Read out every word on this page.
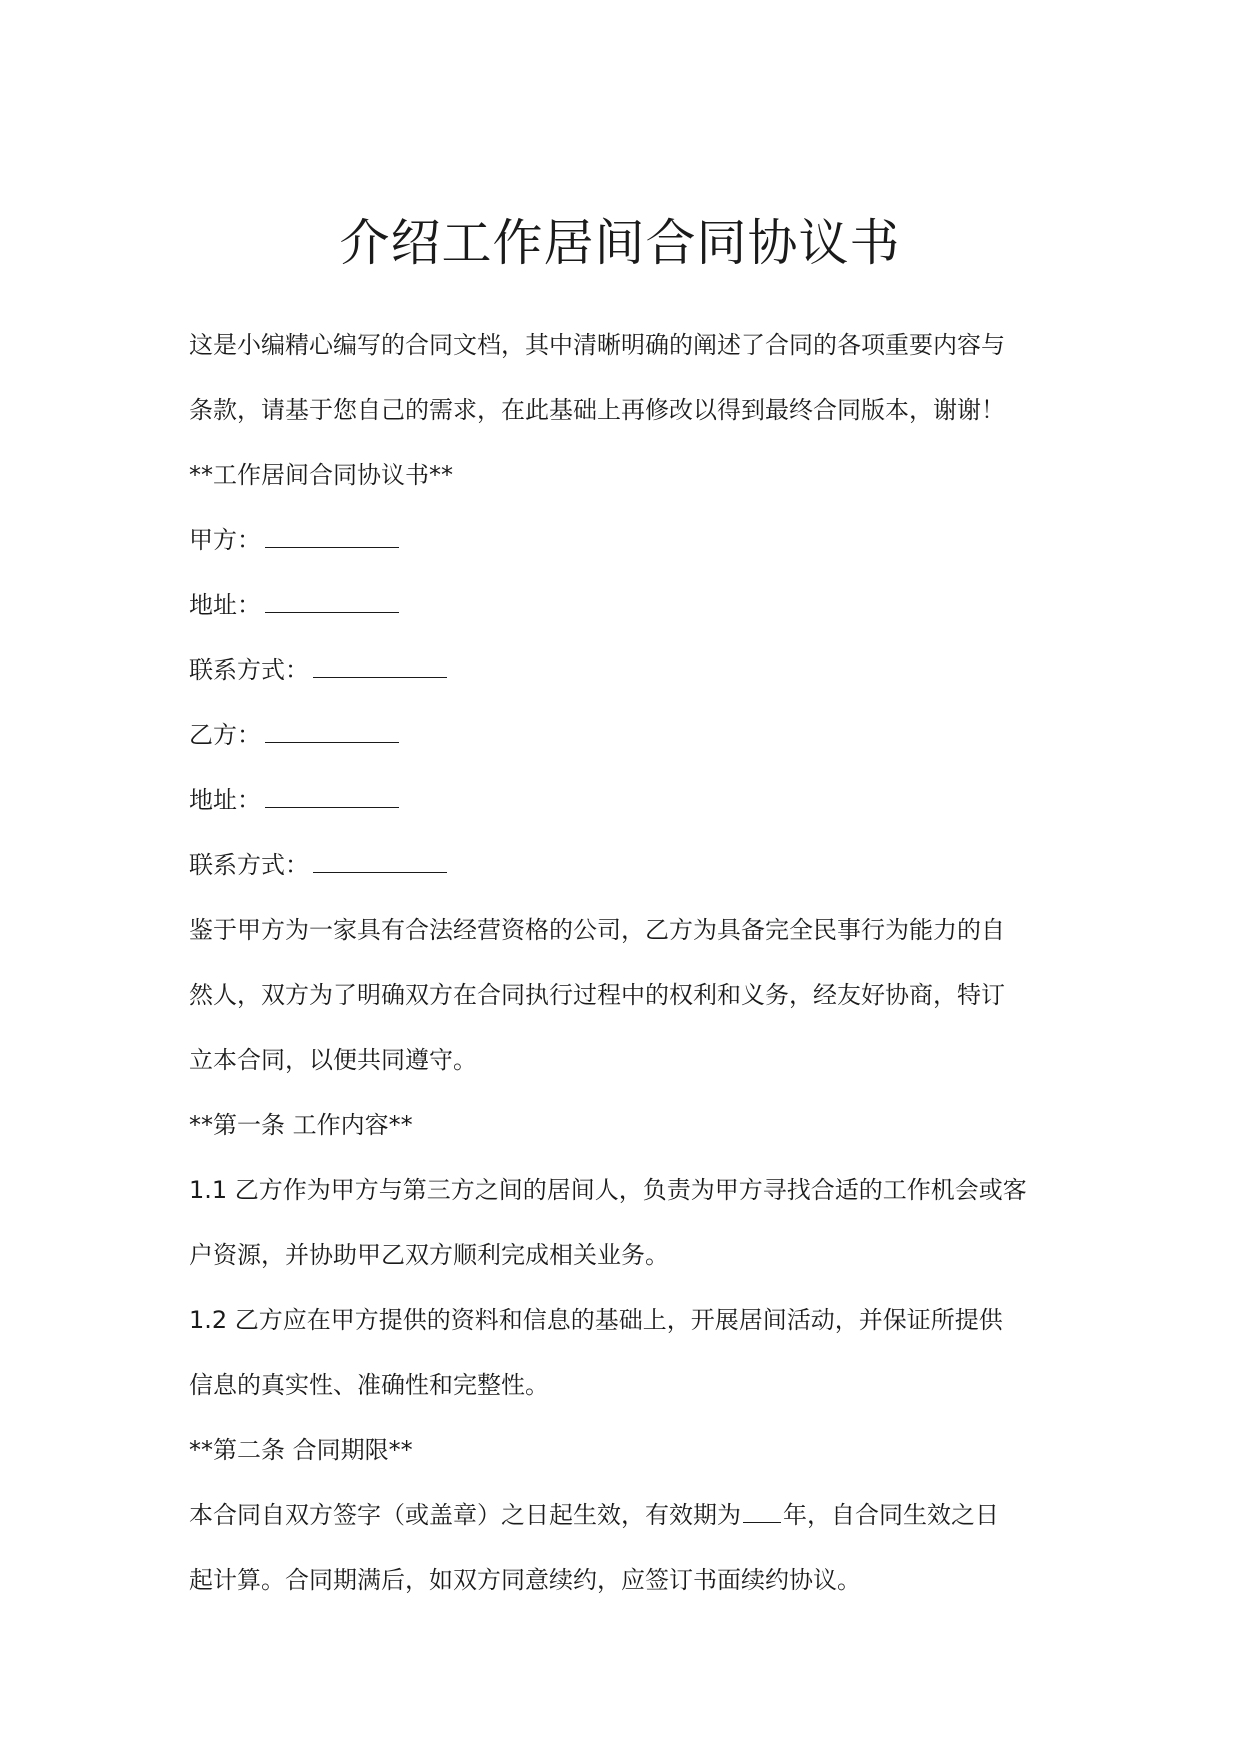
介绍工作居间合同协议书

这是小编精心编写的合同文档，其中清晰明确的阐述了合同的各项重要内容与

条款，请基于您自己的需求，在此基础上再修改以得到最终合同版本，谢谢！

**工作居间合同协议书**

甲方：

地址：

联系方式：

乙方：

地址：

联系方式：

鉴于甲方为一家具有合法经营资格的公司，乙方为具备完全民事行为能力的自

然人，双方为了明确双方在合同执行过程中的权利和义务，经友好协商，特订

立本合同，以便共同遵守。

**第一条 工作内容**

1.1 乙方作为甲方与第三方之间的居间人，负责为甲方寻找合适的工作机会或客

户资源，并协助甲乙双方顺利完成相关业务。

1.2 乙方应在甲方提供的资料和信息的基础上，开展居间活动，并保证所提供

信息的真实性、准确性和完整性。

**第二条 合同期限**

本合同自双方签字（或盖章）之日起生效，有效期为 年，自合同生效之日

起计算。合同期满后，如双方同意续约，应签订书面续约协议。
